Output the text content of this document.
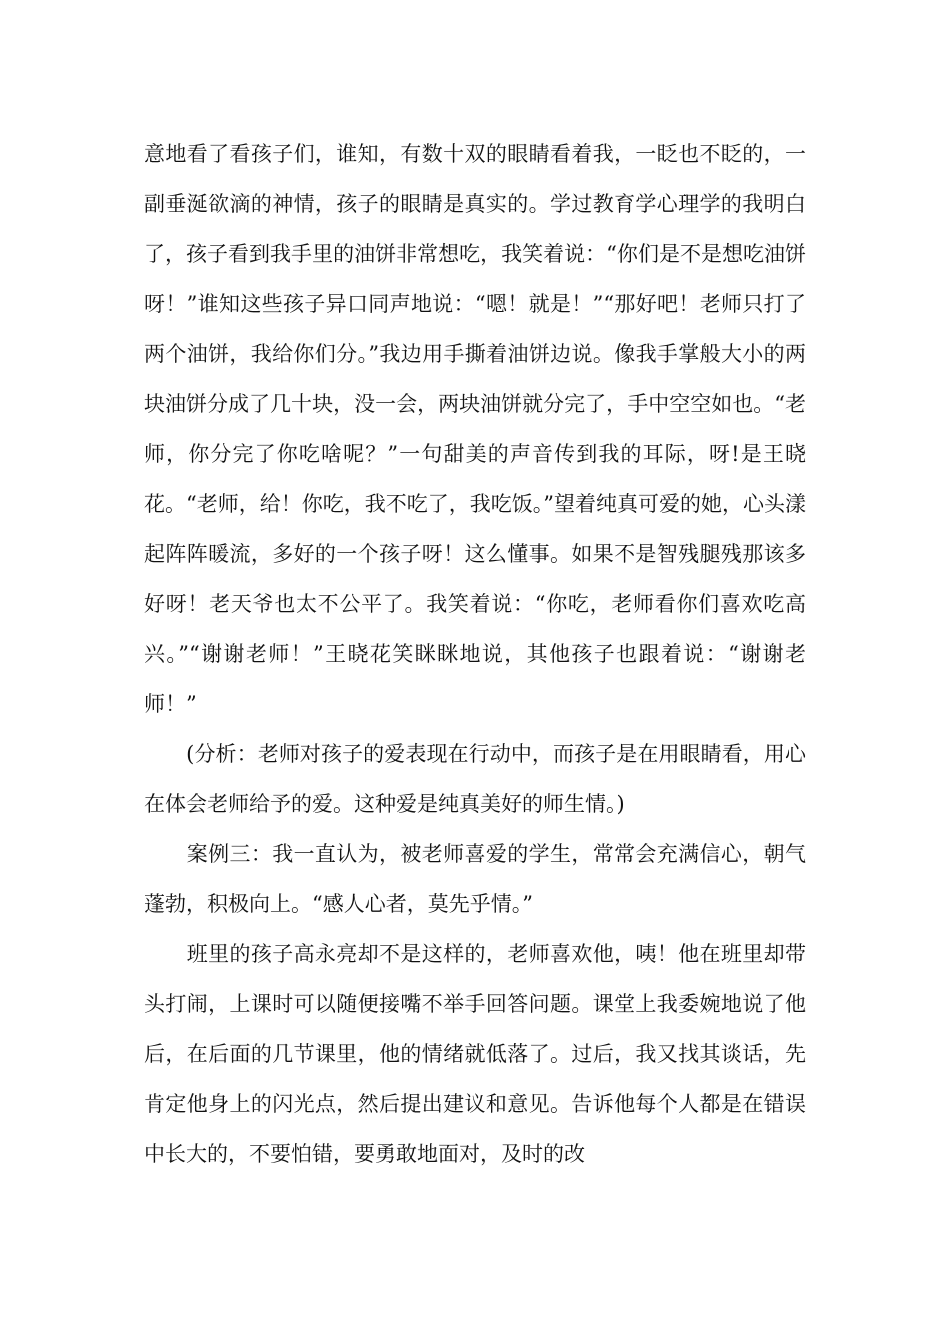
意地看了看孩子们，谁知，有数十双的眼睛看着我，一眨也不眨的，一副垂涎欲滴的神情，孩子的眼睛是真实的。学过教育学心理学的我明白了，孩子看到我手里的油饼非常想吃，我笑着说：“你们是不是想吃油饼呀！”谁知这些孩子异口同声地说：“嗯！就是！”“那好吧！老师只打了两个油饼，我给你们分。”我边用手撕着油饼边说。像我手掌般大小的两块油饼分成了几十块，没一会，两块油饼就分完了，手中空空如也。“老师，你分完了你吃啥呢？”一句甜美的声音传到我的耳际，呀!是王晓花。“老师，给！你吃，我不吃了，我吃饭。”望着纯真可爱的她，心头漾起阵阵暖流，多好的一个孩子呀！这么懂事。如果不是智残腿残那该多好呀！老天爷也太不公平了。我笑着说：“你吃，老师看你们喜欢吃高兴。”“谢谢老师！”王晓花笑眯眯地说，其他孩子也跟着说：“谢谢老师！”

　　(分析：老师对孩子的爱表现在行动中，而孩子是在用眼睛看，用心在体会老师给予的爱。这种爱是纯真美好的师生情。)

　　案例三：我一直认为，被老师喜爱的学生，常常会充满信心，朝气蓬勃，积极向上。“感人心者，莫先乎情。”

　　班里的孩子高永亮却不是这样的，老师喜欢他，咦！他在班里却带头打闹，上课时可以随便接嘴不举手回答问题。课堂上我委婉地说了他后，在后面的几节课里，他的情绪就低落了。过后，我又找其谈话，先肯定他身上的闪光点，然后提出建议和意见。告诉他每个人都是在错误中长大的，不要怕错，要勇敢地面对，及时的改
